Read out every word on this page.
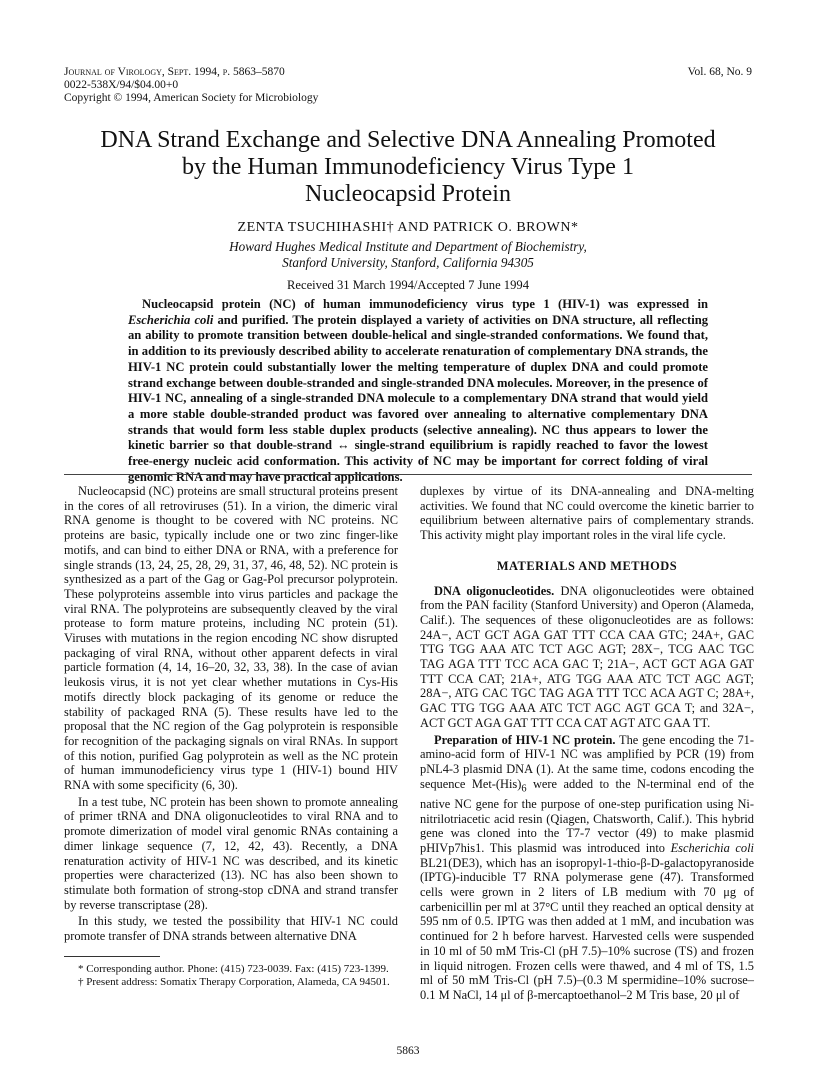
Journal of Virology, Sept. 1994, p. 5863–5870
0022-538X/94/$04.00+0
Copyright © 1994, American Society for Microbiology
Vol. 68, No. 9
DNA Strand Exchange and Selective DNA Annealing Promoted
by the Human Immunodeficiency Virus Type 1
Nucleocapsid Protein
ZENTA TSUCHIHASHI† AND PATRICK O. BROWN*
Howard Hughes Medical Institute and Department of Biochemistry,
Stanford University, Stanford, California 94305
Received 31 March 1994/Accepted 7 June 1994

Nucleocapsid protein (NC) of human immunodeficiency virus type 1 (HIV-1) was expressed in Escherichia coli and purified. The protein displayed a variety of activities on DNA structure, all reflecting an ability to promote transition between double-helical and single-stranded conformations. We found that, in addition to its previously described ability to accelerate renaturation of complementary DNA strands, the HIV-1 NC protein could substantially lower the melting temperature of duplex DNA and could promote strand exchange between double-stranded and single-stranded DNA molecules. Moreover, in the presence of HIV-1 NC, annealing of a single-stranded DNA molecule to a complementary DNA strand that would yield a more stable double-stranded product was favored over annealing to alternative complementary DNA strands that would form less stable duplex products (selective annealing). NC thus appears to lower the kinetic barrier so that double-strand ↔ single-strand equilibrium is rapidly reached to favor the lowest free-energy nucleic acid conformation. This activity of NC may be important for correct folding of viral genomic RNA and may have practical applications.

Nucleocapsid (NC) proteins are small structural proteins present in the cores of all retroviruses (51). In a virion, the dimeric viral RNA genome is thought to be covered with NC proteins. NC proteins are basic, typically include one or two zinc finger-like motifs, and can bind to either DNA or RNA, with a preference for single strands (13, 24, 25, 28, 29, 31, 37, 46, 48, 52). NC protein is synthesized as a part of the Gag or Gag-Pol precursor polyprotein. These polyproteins assemble into virus particles and package the viral RNA. The polyproteins are subsequently cleaved by the viral protease to form mature proteins, including NC protein (51). Viruses with mutations in the region encoding NC show disrupted packaging of viral RNA, without other apparent defects in viral particle formation (4, 14, 16–20, 32, 33, 38). In the case of avian leukosis virus, it is not yet clear whether mutations in Cys-His motifs directly block packaging of its genome or reduce the stability of packaged RNA (5). These results have led to the proposal that the NC region of the Gag polyprotein is responsible for recognition of the packaging signals on viral RNAs. In support of this notion, purified Gag polyprotein as well as the NC protein of human immunodeficiency virus type 1 (HIV-1) bound HIV RNA with some specificity (6, 30).

In a test tube, NC protein has been shown to promote annealing of primer tRNA and DNA oligonucleotides to viral RNA and to promote dimerization of model viral genomic RNAs containing a dimer linkage sequence (7, 12, 42, 43). Recently, a DNA renaturation activity of HIV-1 NC was described, and its kinetic properties were characterized (13). NC has also been shown to stimulate both formation of strong-stop cDNA and strand transfer by reverse transcriptase (28).

In this study, we tested the possibility that HIV-1 NC could promote transfer of DNA strands between alternative DNA

* Corresponding author. Phone: (415) 723-0039. Fax: (415) 723-1399.

† Present address: Somatix Therapy Corporation, Alameda, CA 94501.

duplexes by virtue of its DNA-annealing and DNA-melting activities. We found that NC could overcome the kinetic barrier to equilibrium between alternative pairs of complementary strands. This activity might play important roles in the viral life cycle.

MATERIALS AND METHODS

DNA oligonucleotides. DNA oligonucleotides were obtained from the PAN facility (Stanford University) and Operon (Alameda, Calif.). The sequences of these oligonucleotides are as follows: 24A−, ACT GCT AGA GAT TTT CCA CAA GTC; 24A+, GAC TTG TGG AAA ATC TCT AGC AGT; 28X−, TCG AAC TGC TAG AGA TTT TCC ACA GAC T; 21A−, ACT GCT AGA GAT TTT CCA CAT; 21A+, ATG TGG AAA ATC TCT AGC AGT; 28A−, ATG CAC TGC TAG AGA TTT TCC ACA AGT C; 28A+, GAC TTG TGG AAA ATC TCT AGC AGT GCA T; and 32A−, ACT GCT AGA GAT TTT CCA CAT AGT ATC GAA TT.

Preparation of HIV-1 NC protein. The gene encoding the 71-amino-acid form of HIV-1 NC was amplified by PCR (19) from pNL4-3 plasmid DNA (1). At the same time, codons encoding the sequence Met-$(His)_6$ were added to the N-terminal end of the native NC gene for the purpose of one-step purification using Ni-nitrilotriacetic acid resin (Qiagen, Chatsworth, Calif.). This hybrid gene was cloned into the T7-7 vector (49) to make plasmid pHIVp7his1. This plasmid was introduced into Escherichia coli BL21(DE3), which has an isopropyl-1-thio-β-D-galactopyranoside (IPTG)-inducible T7 RNA polymerase gene (47). Transformed cells were grown in 2 liters of LB medium with 70 μg of carbenicillin per ml at 37°C until they reached an optical density at 595 nm of 0.5. IPTG was then added at 1 mM, and incubation was continued for 2 h before harvest. Harvested cells were suspended in 10 ml of 50 mM Tris-Cl (pH 7.5)–10% sucrose (TS) and frozen in liquid nitrogen. Frozen cells were thawed, and 4 ml of TS, 1.5 ml of 50 mM Tris-Cl (pH 7.5)–(0.3 M spermidine–10% sucrose–0.1 M NaCl, 14 μl of β-mercaptoethanol–2 M Tris base, 20 μl of

5863
